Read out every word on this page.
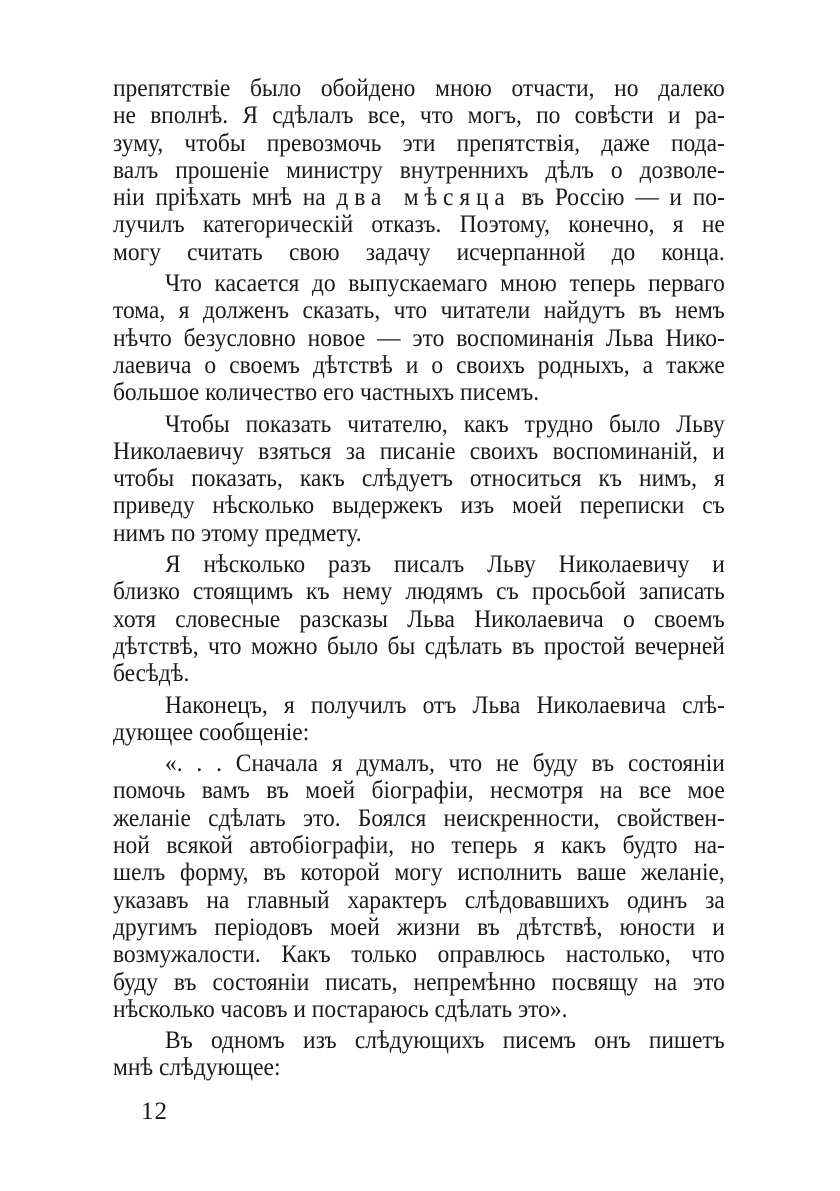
препятствіе было обойдено мною отчасти, но далеко
не вполнѣ. Я сдѣлалъ все, что могъ, по совѣсти и ра-
зуму, чтобы превозмочь эти препятствія, даже пода-
валъ прошеніе министру внутреннихъ дѣлъ о дозволе-
ніи пріѣхать мнѣ на два мѣсяца въ Россію — и по-
лучилъ категорическій отказъ. Поэтому, конечно, я не
могу считать свою задачу исчерпанной до конца.
Что касается до выпускаемаго мною теперь перваго
тома, я долженъ сказать, что читатели найдутъ въ немъ
нѣчто безусловно новое — это воспоминанія Льва Нико-
лаевича о своемъ дѣтствѣ и о своихъ родныхъ, а также
большое количество его частныхъ писемъ.
Чтобы показать читателю, какъ трудно было Льву
Николаевичу взяться за писаніе своихъ воспоминаній, и
чтобы показать, какъ слѣдуетъ относиться къ нимъ, я
приведу нѣсколько выдержекъ изъ моей переписки съ
нимъ по этому предмету.
Я нѣсколько разъ писалъ Льву Николаевичу и
близко стоящимъ къ нему людямъ съ просьбой записать
хотя словесные разсказы Льва Николаевича о своемъ
дѣтствѣ, что можно было бы сдѣлать въ простой вечерней
бесѣдѣ.
Наконецъ, я получилъ отъ Льва Николаевича слѣ-
дующее сообщеніе:
«. . . Сначала я думалъ, что не буду въ состояніи
помочь вамъ въ моей біографіи, несмотря на все мое
желаніе сдѣлать это. Боялся неискренности, свойствен-
ной всякой автобіографіи, но теперь я какъ будто на-
шелъ форму, въ которой могу исполнить ваше желаніе,
указавъ на главный характеръ слѣдовавшихъ одинъ за
другимъ періодовъ моей жизни въ дѣтствѣ, юности и
возмужалости. Какъ только оправлюсь настолько, что
буду въ состояніи писать, непремѣнно посвящу на это
нѣсколько часовъ и постараюсь сдѣлать это».
Въ одномъ изъ слѣдующихъ писемъ онъ пишетъ
мнѣ слѣдующее:
12
